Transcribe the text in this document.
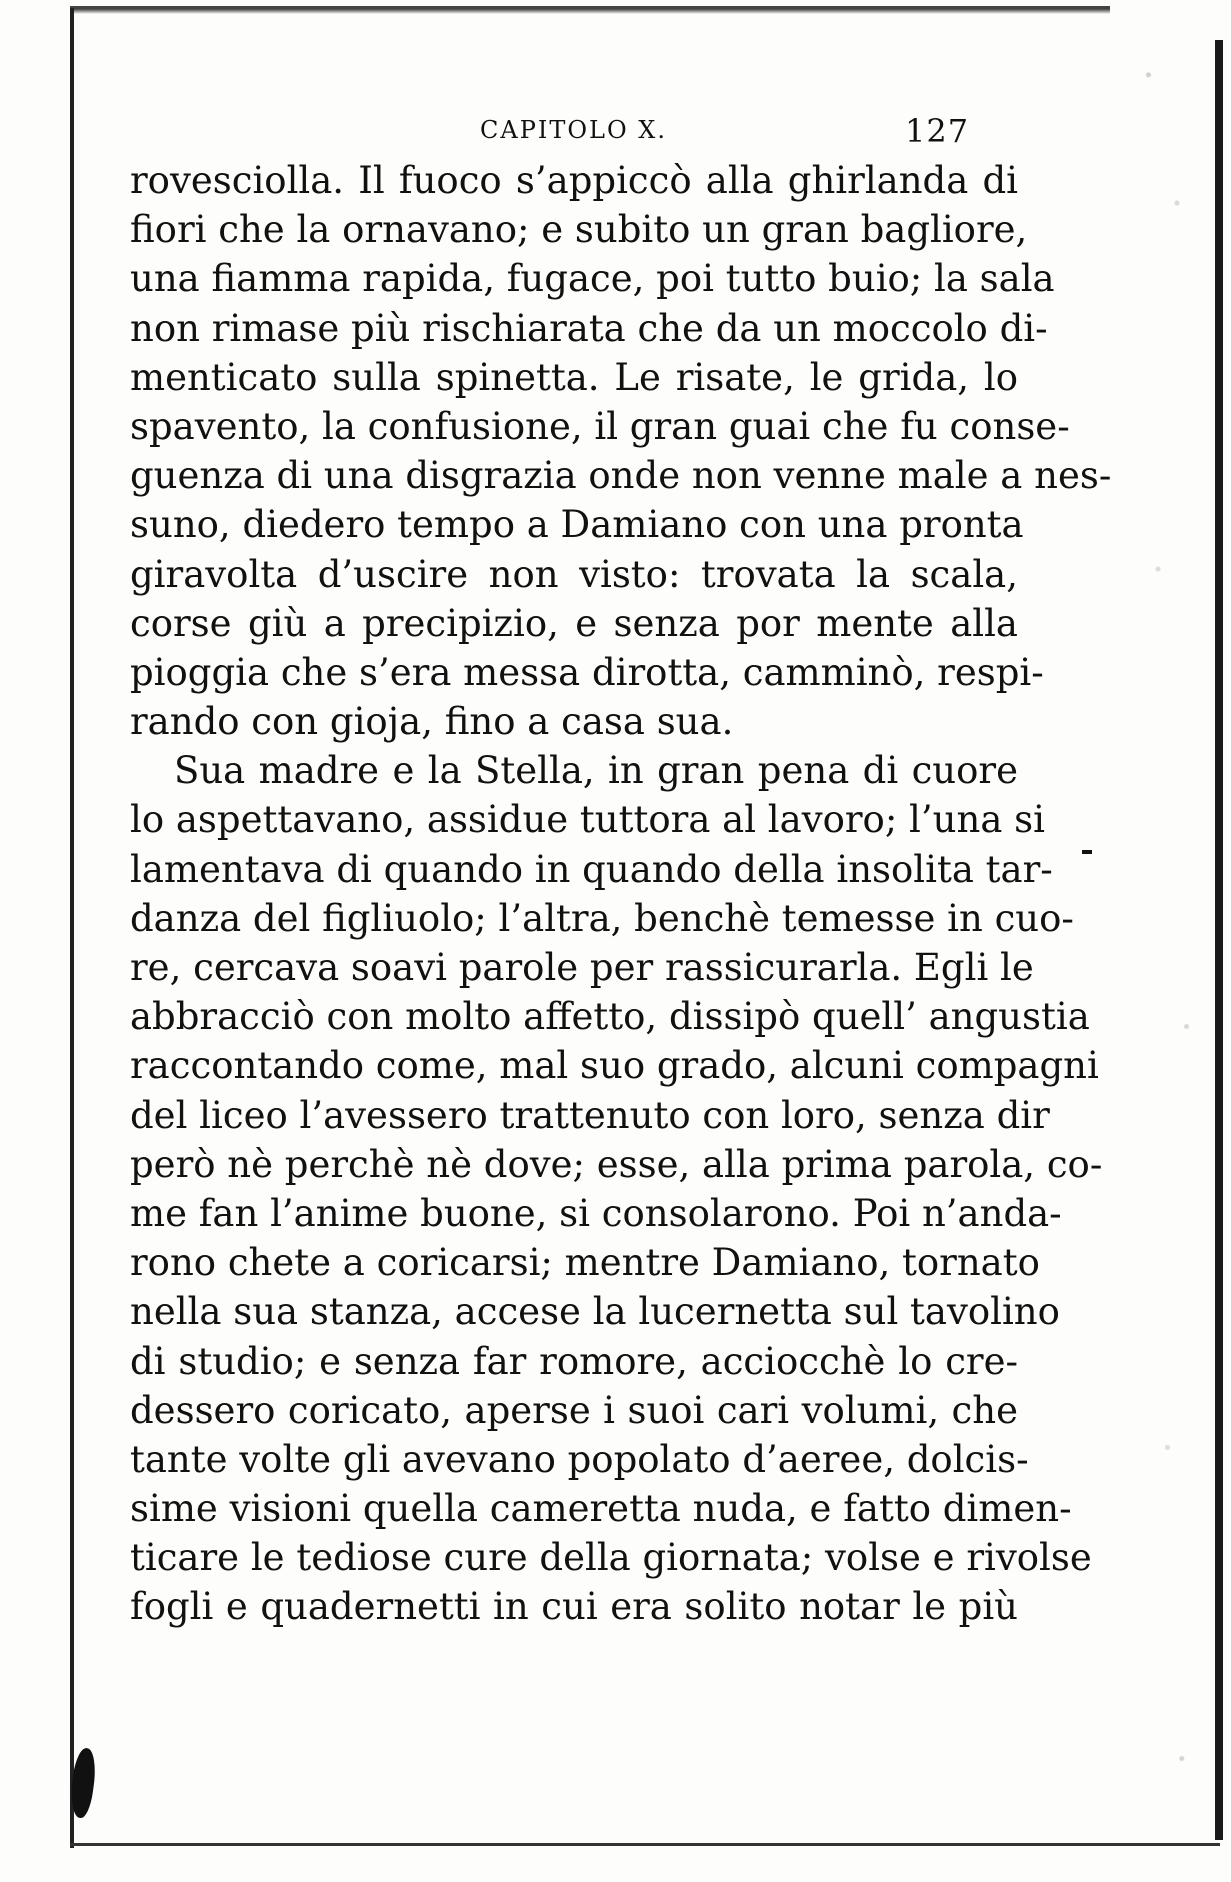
CAPITOLO X.	127
rovesciolla. Il fuoco s’appiccò alla ghirlanda di
fiori che la ornavano; e subito un gran bagliore,
una fiamma rapida, fugace, poi tutto buio; la sala
non rimase più rischiarata che da un moccolo di-
menticato sulla spinetta. Le risate, le grida, lo
spavento, la confusione, il gran guai che fu conse-
guenza di una disgrazia onde non venne male a nes-
suno, diedero tempo a Damiano con una pronta
giravolta d’uscire non visto: trovata la scala,
corse giù a precipizio, e senza por mente alla
pioggia che s’era messa dirotta, camminò, respi-
rando con gioja, fino a casa sua.
Sua madre e la Stella, in gran pena di cuore
lo aspettavano, assidue tuttora al lavoro; l’una si
lamentava di quando in quando della insolita tar-
danza del figliuolo; l’altra, benchè temesse in cuo-
re, cercava soavi parole per rassicurarla. Egli le
abbracciò con molto affetto, dissipò quell’ angustia
raccontando come, mal suo grado, alcuni compagni
del liceo l’avessero trattenuto con loro, senza dir
però nè perchè nè dove; esse, alla prima parola, co-
me fan l’anime buone, si consolarono. Poi n’anda-
rono chete a coricarsi; mentre Damiano, tornato
nella sua stanza, accese la lucernetta sul tavolino
di studio; e senza far romore, acciocchè lo cre-
dessero coricato, aperse i suoi cari volumi, che
tante volte gli avevano popolato d’aeree, dolcis-
sime visioni quella cameretta nuda, e fatto dimen-
ticare le tediose cure della giornata; volse e rivolse
fogli e quadernetti in cui era solito notar le più
